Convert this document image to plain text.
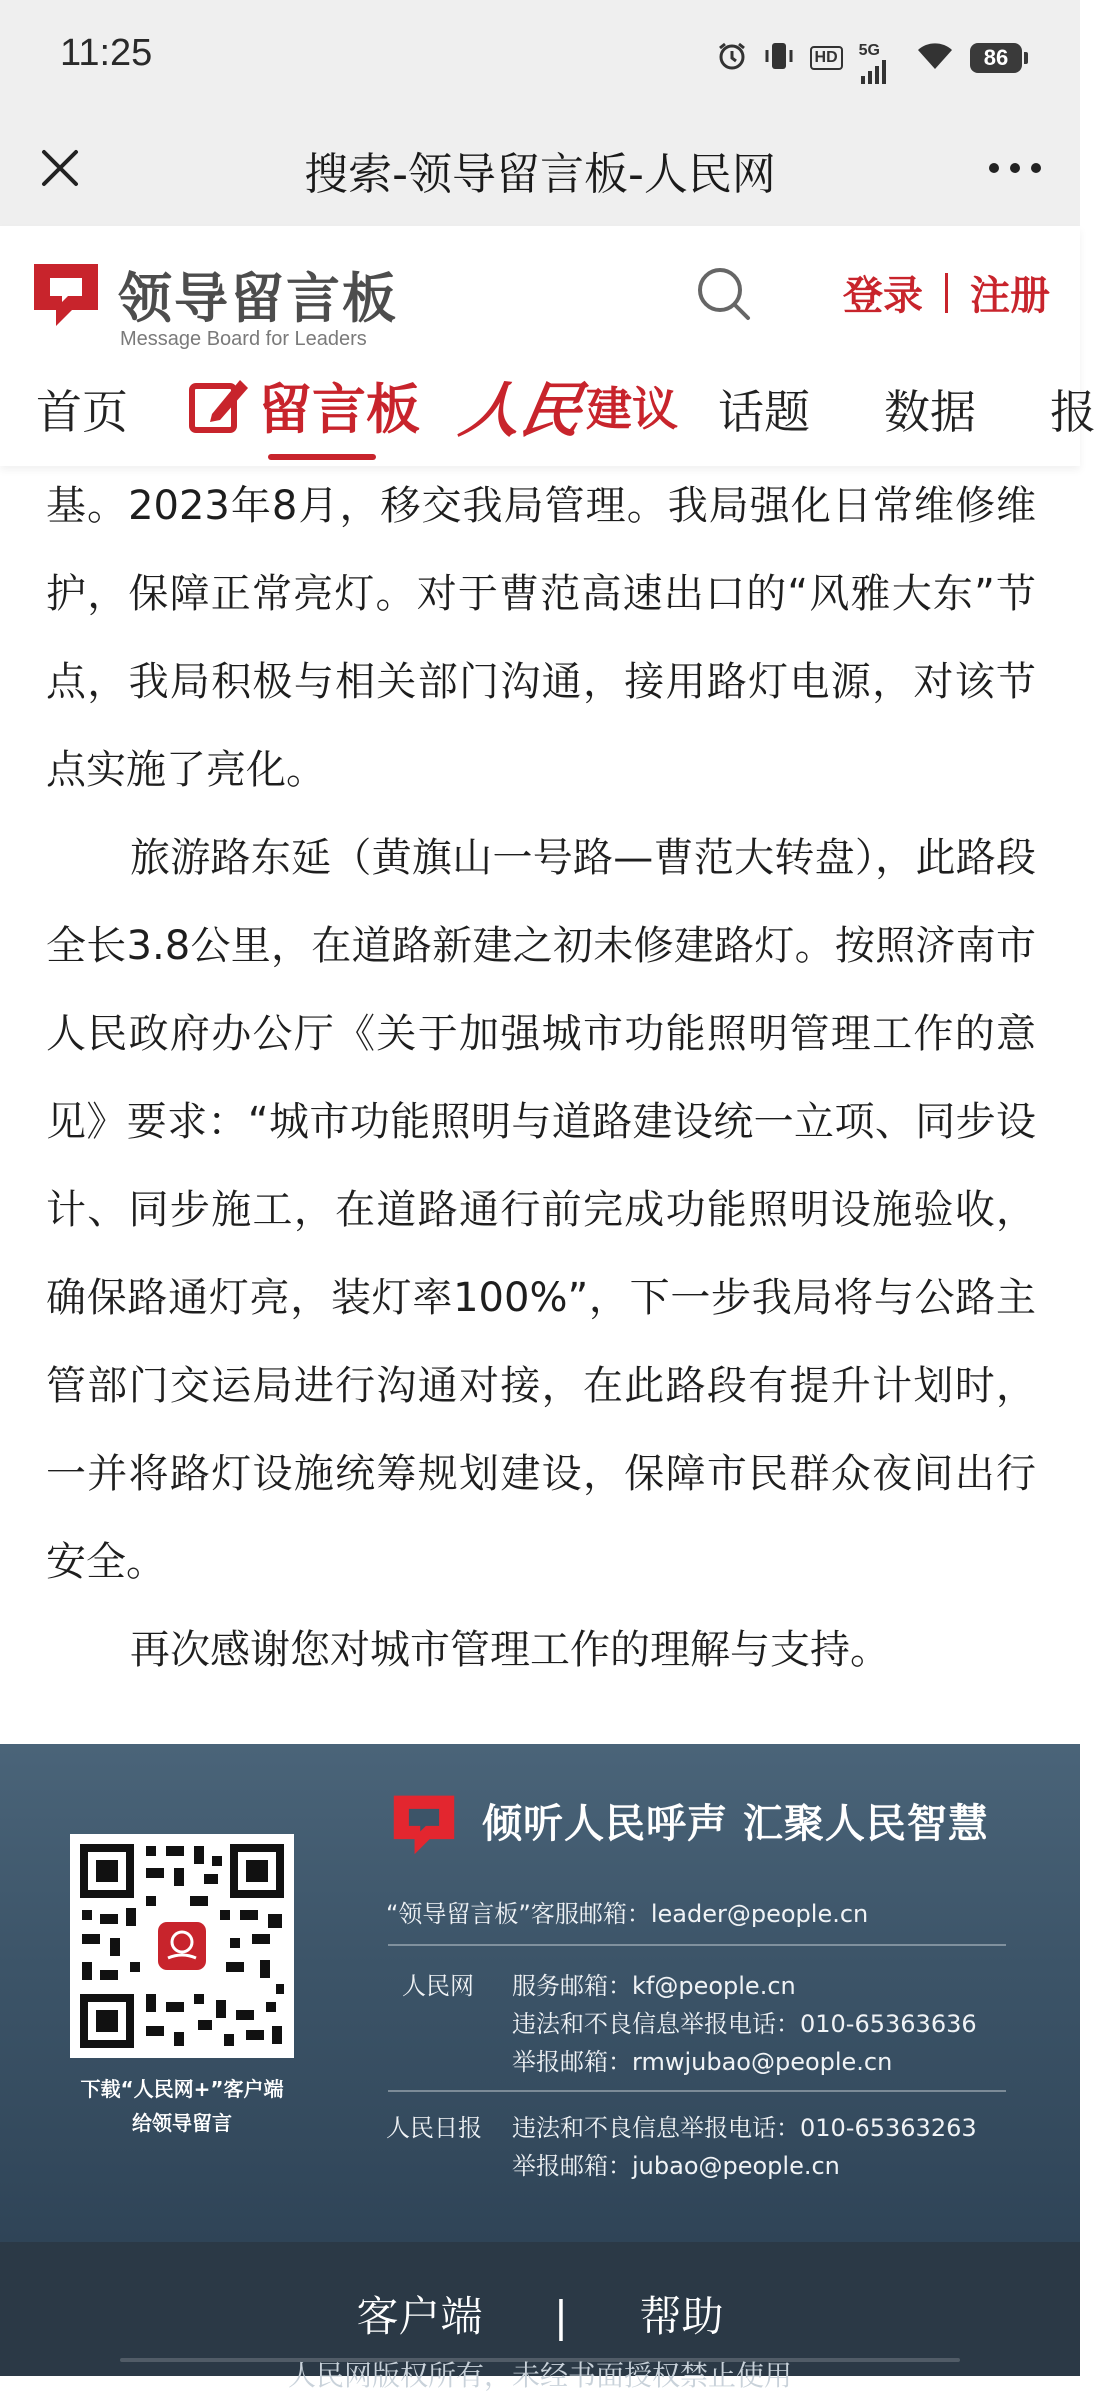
11:25	HD	5G	86
搜索-领导留言板-人民网
领导留言板
Message Board for Leaders
登录 注册
首页 留言板 人民
建议 话题 数据 报

基。2023年8月，移交我局管理。我局强化日常维修维护，保障正常亮灯。对于曹范高速出口的“风雅大东”节点，我局积极与相关部门沟通，接用路灯电源，对该节点实施了亮化。

旅游路东延（黄旗山一号路—曹范大转盘），此路段全长3.8公里，在道路新建之初未修建路灯。按照济南市人民政府办公厅《关于加强城市功能照明管理工作的意见》要求：“城市功能照明与道路建设统一立项、同步设计、同步施工，在道路通行前完成功能照明设施验收，确保路通灯亮，装灯率100%”，下一步我局将与公路主管部门交运局进行沟通对接，在此路段有提升计划时，一并将路灯设施统筹规划建设，保障市民群众夜间出行安全。

再次感谢您对城市管理工作的理解与支持。

下载“人民网+”客户端
给领导留言
倾听人民呼声 汇聚人民智慧
“领导留言板”客服邮箱：leader@people.cn
人民网 服务邮箱：kf@people.cn
违法和不良信息举报电话：010-65363636
举报邮箱：rmwjubao@people.cn
人民日报 违法和不良信息举报电话：010-65363263
举报邮箱：jubao@people.cn
客户端 | 帮助
人民网版权所有，未经书面授权禁止使用
